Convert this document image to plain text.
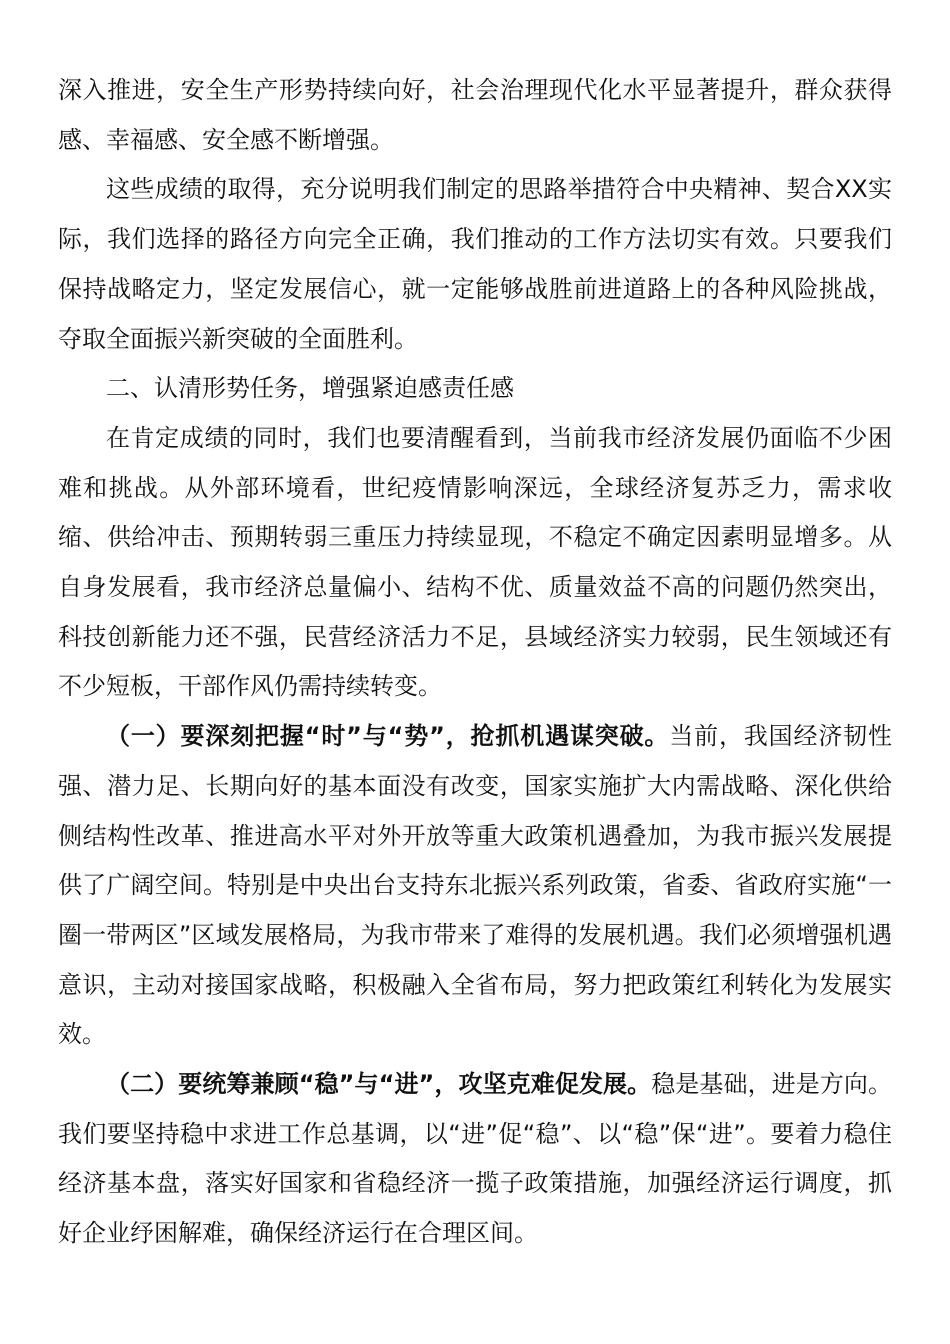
深入推进，安全生产形势持续向好，社会治理现代化水平显著提升，群众获得感、幸福感、安全感不断增强。

这些成绩的取得，充分说明我们制定的思路举措符合中央精神、契合XX实际，我们选择的路径方向完全正确，我们推动的工作方法切实有效。只要我们保持战略定力，坚定发展信心，就一定能够战胜前进道路上的各种风险挑战，夺取全面振兴新突破的全面胜利。

二、认清形势任务，增强紧迫感责任感

在肯定成绩的同时，我们也要清醒看到，当前我市经济发展仍面临不少困难和挑战。从外部环境看，世纪疫情影响深远，全球经济复苏乏力，需求收缩、供给冲击、预期转弱三重压力持续显现，不稳定不确定因素明显增多。从自身发展看，我市经济总量偏小、结构不优、质量效益不高的问题仍然突出，科技创新能力还不强，民营经济活力不足，县域经济实力较弱，民生领域还有不少短板，干部作风仍需持续转变。

（一）要深刻把握“时”与“势”，抢抓机遇谋突破。当前，我国经济韧性强、潜力足、长期向好的基本面没有改变，国家实施扩大内需战略、深化供给侧结构性改革、推进高水平对外开放等重大政策机遇叠加，为我市振兴发展提供了广阔空间。特别是中央出台支持东北振兴系列政策，省委、省政府实施“一圈一带两区”区域发展格局，为我市带来了难得的发展机遇。我们必须增强机遇意识，主动对接国家战略，积极融入全省布局，努力把政策红利转化为发展实效。

（二）要统筹兼顾“稳”与“进”，攻坚克难促发展。稳是基础，进是方向。我们要坚持稳中求进工作总基调，以“进”促“稳”、以“稳”保“进”。要着力稳住经济基本盘，落实好国家和省稳经济一揽子政策措施，加强经济运行调度，抓好企业纾困解难，确保经济运行在合理区间。
